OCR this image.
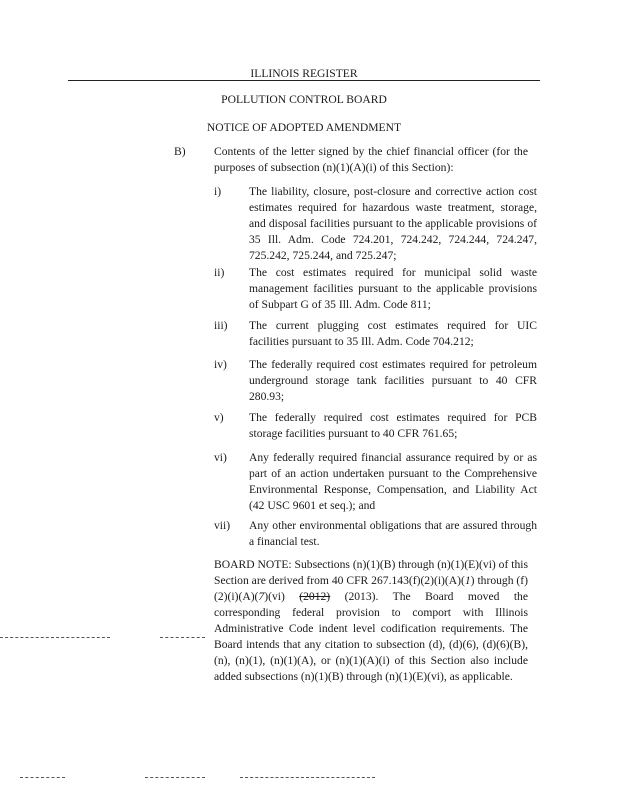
ILLINOIS REGISTER
POLLUTION CONTROL BOARD
NOTICE OF ADOPTED AMENDMENT
B) Contents of the letter signed by the chief financial officer (for the purposes of subsection (n)(1)(A)(i) of this Section):
i) The liability, closure, post-closure and corrective action cost estimates required for hazardous waste treatment, storage, and disposal facilities pursuant to the applicable provisions of 35 Ill. Adm. Code 724.201, 724.242, 724.244, 724.247, 725.242, 725.244, and 725.247;
ii) The cost estimates required for municipal solid waste management facilities pursuant to the applicable provisions of Subpart G of 35 Ill. Adm. Code 811;
iii) The current plugging cost estimates required for UIC facilities pursuant to 35 Ill. Adm. Code 704.212;
iv) The federally required cost estimates required for petroleum underground storage tank facilities pursuant to 40 CFR 280.93;
v) The federally required cost estimates required for PCB storage facilities pursuant to 40 CFR 761.65;
vi) Any federally required financial assurance required by or as part of an action undertaken pursuant to the Comprehensive Environmental Response, Compensation, and Liability Act (42 USC 9601 et seq.); and
vii) Any other environmental obligations that are assured through a financial test.
BOARD NOTE: Subsections (n)(1)(B) through (n)(1)(E)(vi) of this Section are derived from 40 CFR 267.143(f)(2)(i)(A)(1) through (f)(2)(i)(A)(7)(vi) (2012) (2013). The Board moved the corresponding federal provision to comport with Illinois Administrative Code indent level codification requirements. The Board intends that any citation to subsection (d), (d)(6), (d)(6)(B), (n), (n)(1), (n)(1)(A), or (n)(1)(A)(i) of this Section also include added subsections (n)(1)(B) through (n)(1)(E)(vi), as applicable.
